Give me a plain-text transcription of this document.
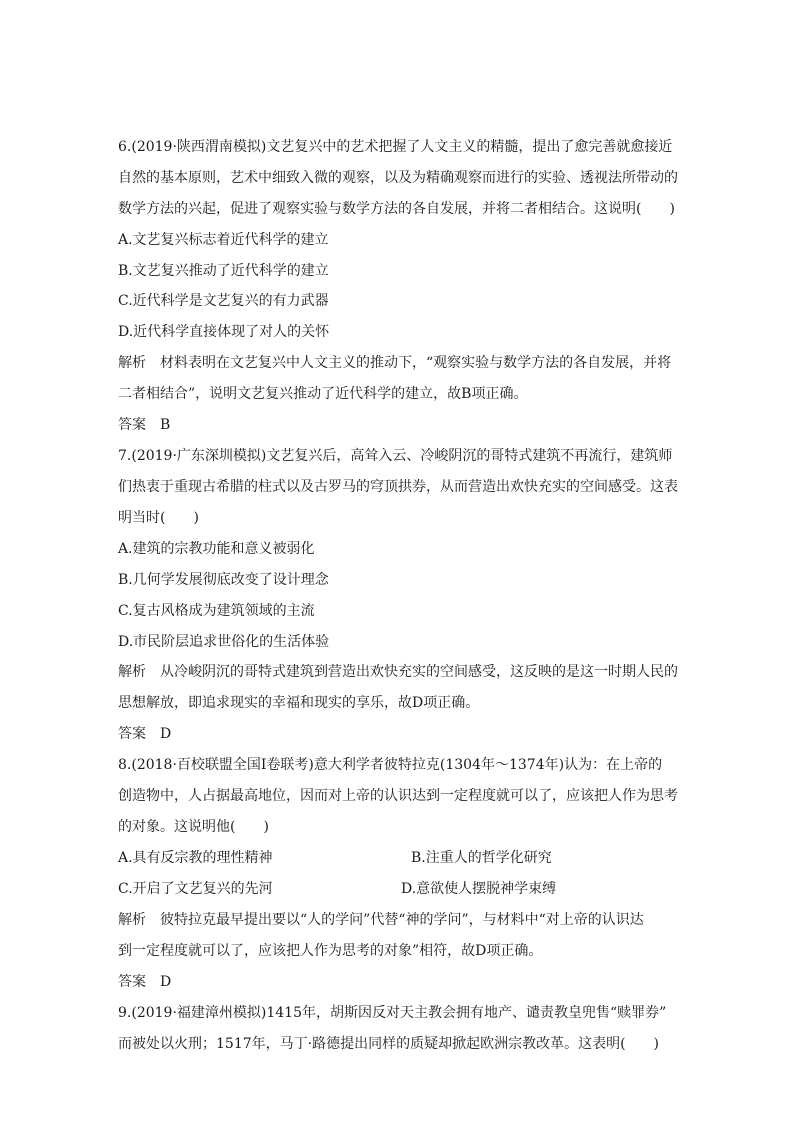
6.(2019·陕西渭南模拟)文艺复兴中的艺术把握了人文主义的精髓，提出了愈完善就愈接近
自然的基本原则，艺术中细致入微的观察，以及为精确观察而进行的实验、透视法所带动的
数学方法的兴起，促进了观察实验与数学方法的各自发展，并将二者相结合。这说明(　　)
A.文艺复兴标志着近代科学的建立
B.文艺复兴推动了近代科学的建立
C.近代科学是文艺复兴的有力武器
D.近代科学直接体现了对人的关怀
解析　材料表明在文艺复兴中人文主义的推动下，“观察实验与数学方法的各自发展，并将
二者相结合”，说明文艺复兴推动了近代科学的建立，故B项正确。
答案　B
7.(2019·广东深圳模拟)文艺复兴后，高耸入云、冷峻阴沉的哥特式建筑不再流行，建筑师
们热衷于重现古希腊的柱式以及古罗马的穹顶拱券，从而营造出欢快充实的空间感受。这表
明当时(　　)
A.建筑的宗教功能和意义被弱化
B.几何学发展彻底改变了设计理念
C.复古风格成为建筑领域的主流
D.市民阶层追求世俗化的生活体验
解析　从冷峻阴沉的哥特式建筑到营造出欢快充实的空间感受，这反映的是这一时期人民的
思想解放，即追求现实的幸福和现实的享乐，故D项正确。
答案　D
8.(2018·百校联盟全国Ⅰ卷联考)意大利学者彼特拉克(1304年～1374年)认为：在上帝的
创造物中，人占据最高地位，因而对上帝的认识达到一定程度就可以了，应该把人作为思考
的对象。这说明他(　　)
A.具有反宗教的理性精神	B.注重人的哲学化研究
C.开启了文艺复兴的先河	D.意欲使人摆脱神学束缚
解析　彼特拉克最早提出要以“人的学问”代替“神的学问”，与材料中“对上帝的认识达
到一定程度就可以了，应该把人作为思考的对象”相符，故D项正确。
答案　D
9.(2019·福建漳州模拟)1415年，胡斯因反对天主教会拥有地产、谴责教皇兜售“赎罪券”
而被处以火刑；1517年，马丁·路德提出同样的质疑却掀起欧洲宗教改革。这表明(　　)
